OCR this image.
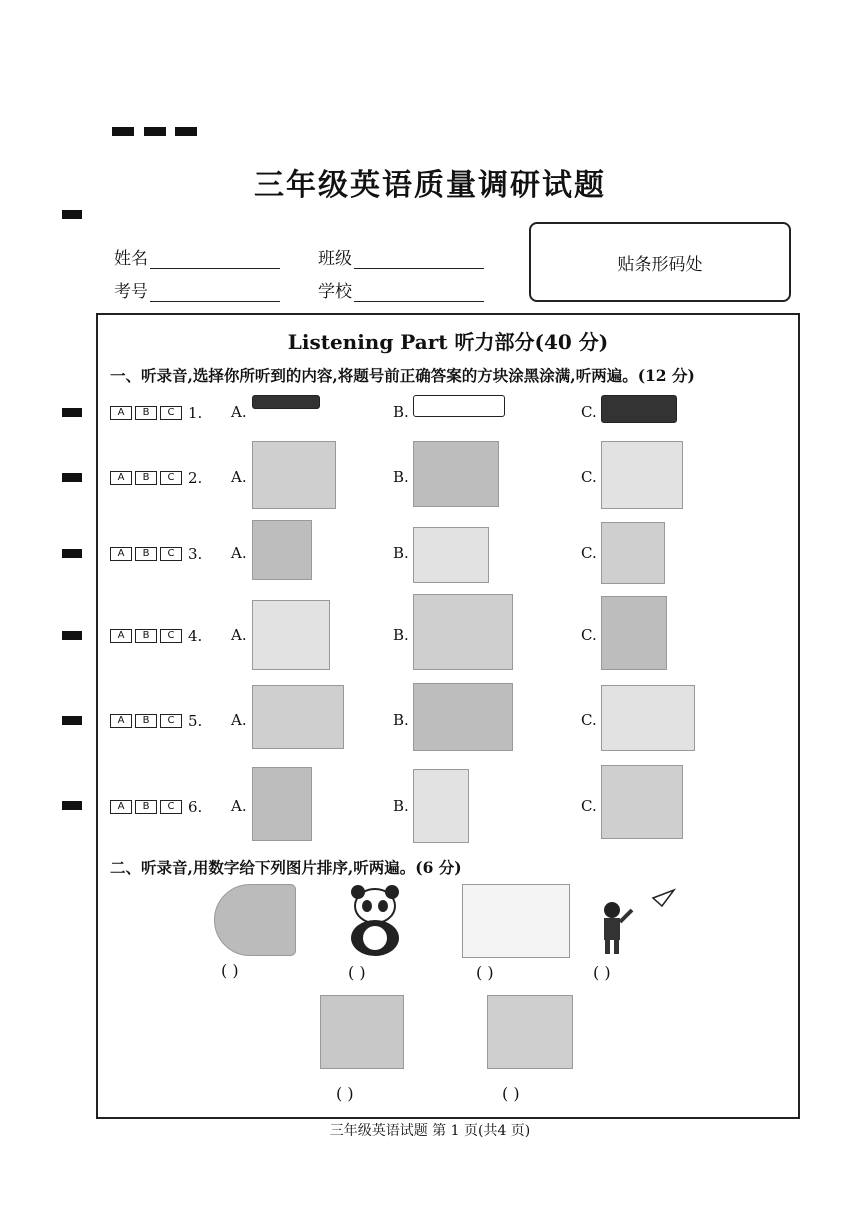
三年级英语质量调研试题
姓名	班级
考号	学校
贴条形码处
Listening Part 听力部分(40 分)
一、听录音,选择你所听到的内容,将题号前正确答案的方块涂黑涂满,听两遍。(12 分)
A	B	C 1. A.	B.	C.
A	B	C 2. A.	B.	C.
A	B	C 3. A.	B.	C.
A	B	C 4. A.	B.	C.
A	B	C 5. A.	B.	C.
A	B	C 6. A.	B.	C.
二、听录音,用数字给下列图片排序,听两遍。(6 分)
( )	( )	( )	( )
( )	( )
三年级英语试题 第 1 页(共4 页)
